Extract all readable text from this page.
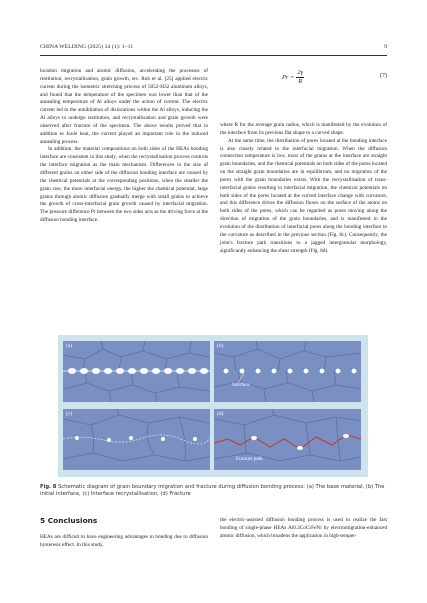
CHINA WELDING (2025) 34 (1): 1–11	9

location migration and atomic diffusion, accelerating the processes of restitution, recrystallisation, grain growth, etc. Roh et al. [25] applied electric current during the isometric stretching process of 5052-H32 aluminum alloys, and found that the temperature of the specimen was lower than that of the annealing temperature of Al alloys under the action of current. The electric current led to the annihilation of dislocations within the Al alloys, inducing the Al alloys to undergo restitution, and recrystallisation and grain growth were observed after fracture of the specimen. The above results proved that in addition to Joule heat, the current played an important role in the induced annealing process.

In addition, the material compositions on both sides of the HEAs bonding interface are consistent in this study, when the recrystallisation process controls the interface migration as the main mechanism. Differences in the size of different grains on either side of the diffusion bonding interface are caused by the chemical potentials at the corresponding positions, when the smaller the grain size, the more interfacial energy, the higher the chemical potential, large grains through atomic diffusion gradually merge with small grains to achieve the growth of cross-interfacial grain growth caused by interfacial migration. The pressure difference Pr between the two sides acts as the driving force at the diffusion bonding interface.

$Pr = \frac{2\gamma}{R}$	(7)

where R for the average grain radius, which is manifested by the evolution of the interface from its previous flat shape to a curved shape.

At the same time, the distribution of pores located at the bonding interface is also closely related to the interfacial migration. When the diffusion connection temperature is low, most of the grains at the interface are straight grain boundaries, and the chemical potentials on both sides of the pores located on the straight grain boundaries are in equilibrium, and no migration of the pores with the grain boundaries exists. With the recrystallisation of trans-interfacial grains resulting in interfacial migration, the chemical potentials on both sides of the pores located at the curved interface change with curvature, and this difference drives the diffusion fluxes on the surface of the atoms on both sides of the pores, which can be regarded as pores moving along the direction of migration of the grain boundaries, and is manifested in the evolution of the distribution of interfacial pores along the bonding interface to the curvature as described in the previous section (Fig. 8c). Consequently, the joint's fracture path transitions to a jagged intergranular morphology, significantly enhancing the shear strength (Fig. 8d).

(a)	(b)
Interface
(c)	(d)
Fracture path
Fig. 8 Schematic diagram of grain boundary migration and fracture during diffusion bonding process: (a) The base material, (b) The initial interface, (c) Interface recrystallisation, (d) Fracture
5 Conclusions

HEAs are difficult to have engineering advantages in bonding due to diffusion hysteresis effect. In this study,

the electric-assisted diffusion bonding process is used to realize the fast bonding of single-phase HEAs Al0.3CoCrFeNi by electromigration-enhanced atomic diffusion, which broadens the application in high-temper-
